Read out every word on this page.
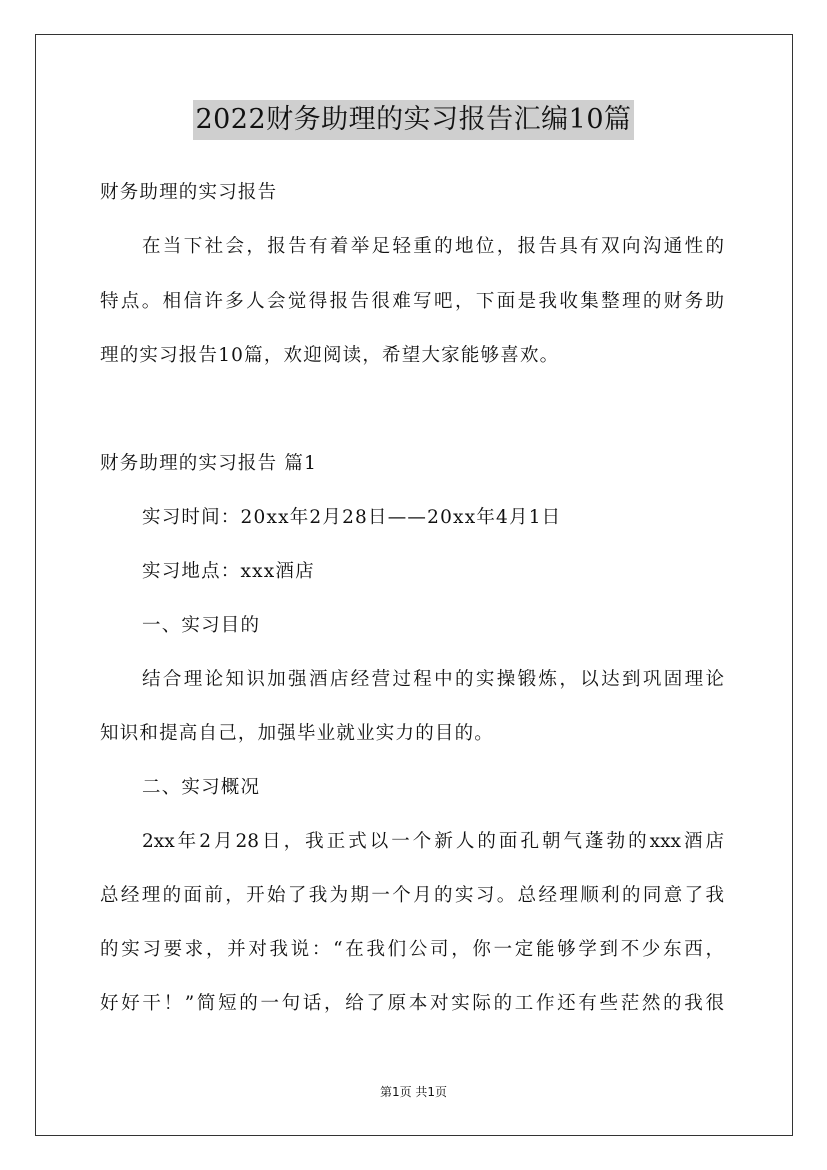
2022财务助理的实习报告汇编10篇
财务助理的实习报告
在当下社会，报告有着举足轻重的地位，报告具有双向沟通性的
特点。相信许多人会觉得报告很难写吧，下面是我收集整理的财务助
理的实习报告10篇，欢迎阅读，希望大家能够喜欢。
财务助理的实习报告 篇1
实习时间：20xx年2月28日——20xx年4月1日
实习地点：xxx酒店
一、实习目的
结合理论知识加强酒店经营过程中的实操锻炼，以达到巩固理论
知识和提高自己，加强毕业就业实力的目的。
二、实习概况
2xx年2月28日，我正式以一个新人的面孔朝气蓬勃的xxx酒店
总经理的面前，开始了我为期一个月的实习。总经理顺利的同意了我
的实习要求，并对我说：“在我们公司，你一定能够学到不少东西，
好好干！”简短的一句话，给了原本对实际的工作还有些茫然的我很
第1页 共1页
